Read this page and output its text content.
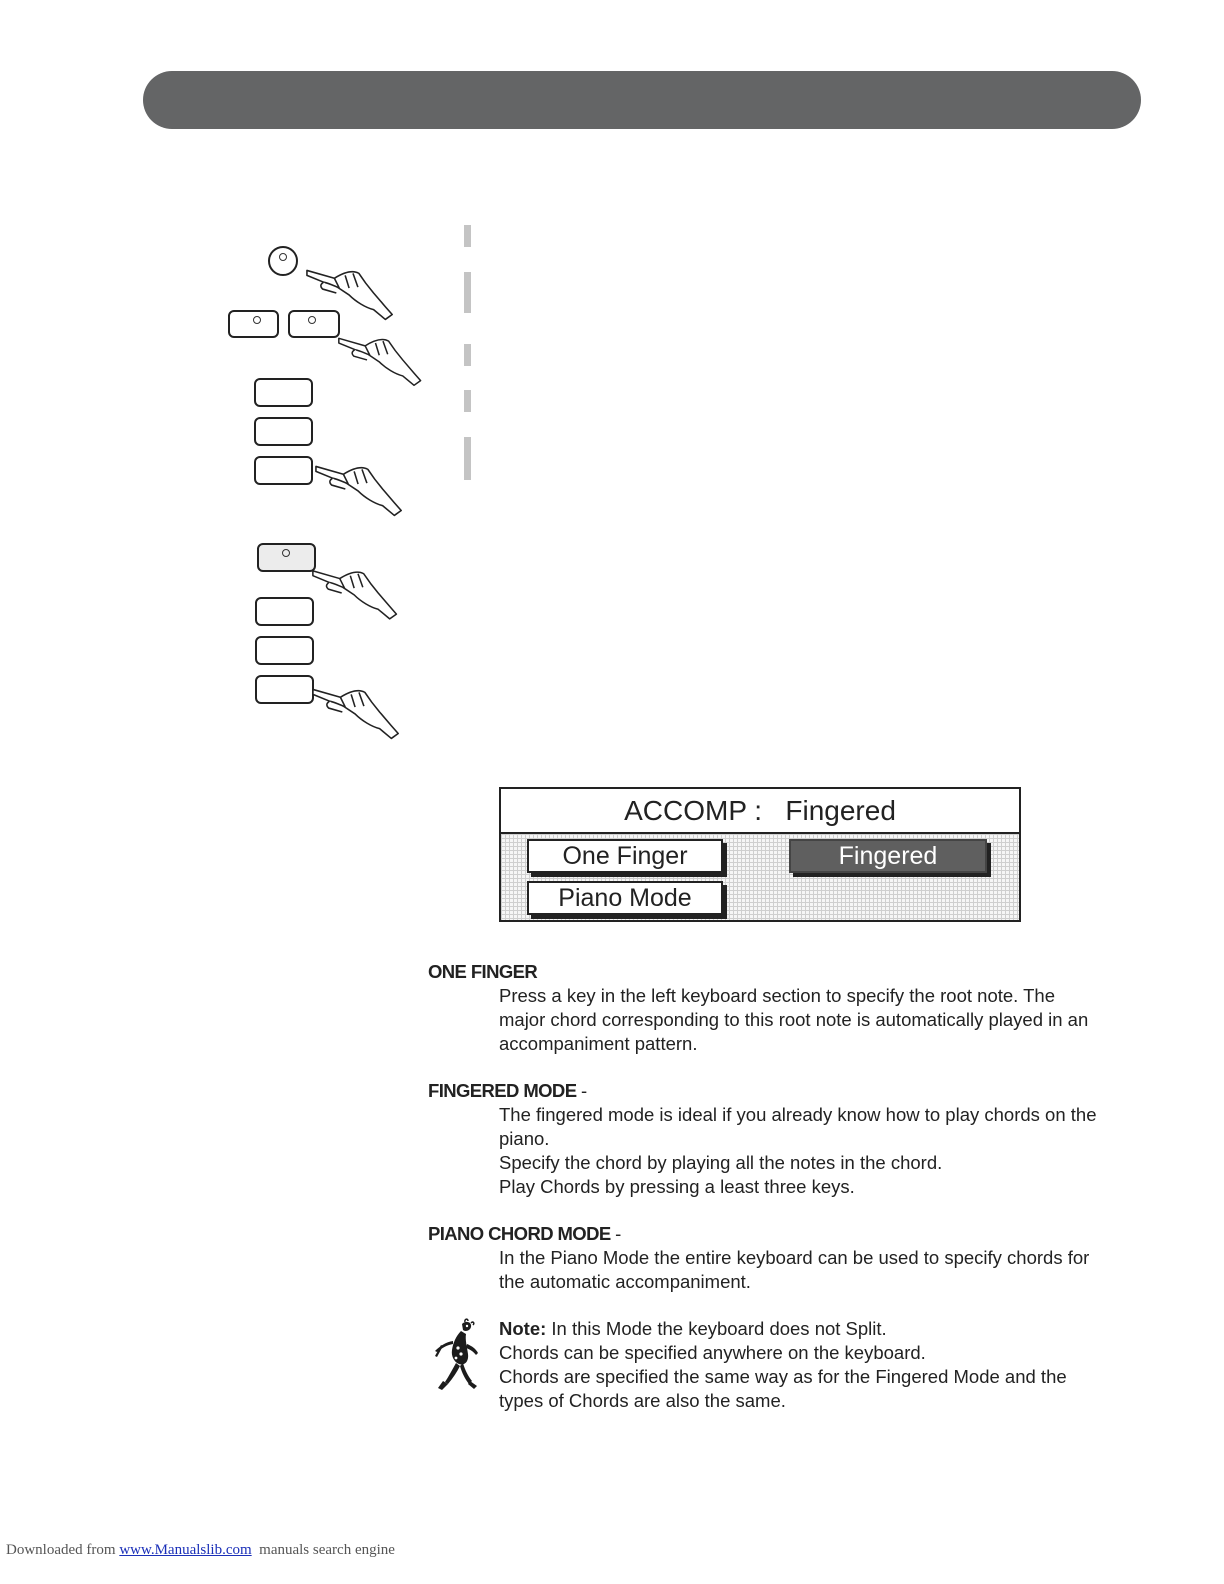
ACCOMP :   Fingered
One Finger	Fingered
Piano Mode
ONE FINGER
Press a key in the left keyboard section to specify the root note. The
major chord corresponding to this root note is automatically played in an
accompaniment pattern.
FINGERED MODE -
The fingered mode is ideal if you already know how to play chords on the
piano.
Specify the chord by playing all the notes in the chord.
Play Chords by pressing a least three keys.
PIANO CHORD MODE -
In the Piano Mode the entire keyboard can be used to specify chords for
the automatic accompaniment.
Note: In this Mode the keyboard does not Split.
Chords can be specified anywhere on the keyboard.
Chords are specified the same way as for the Fingered Mode and the
types of Chords are also the same.
Downloaded from www.Manualslib.com  manuals search engine
